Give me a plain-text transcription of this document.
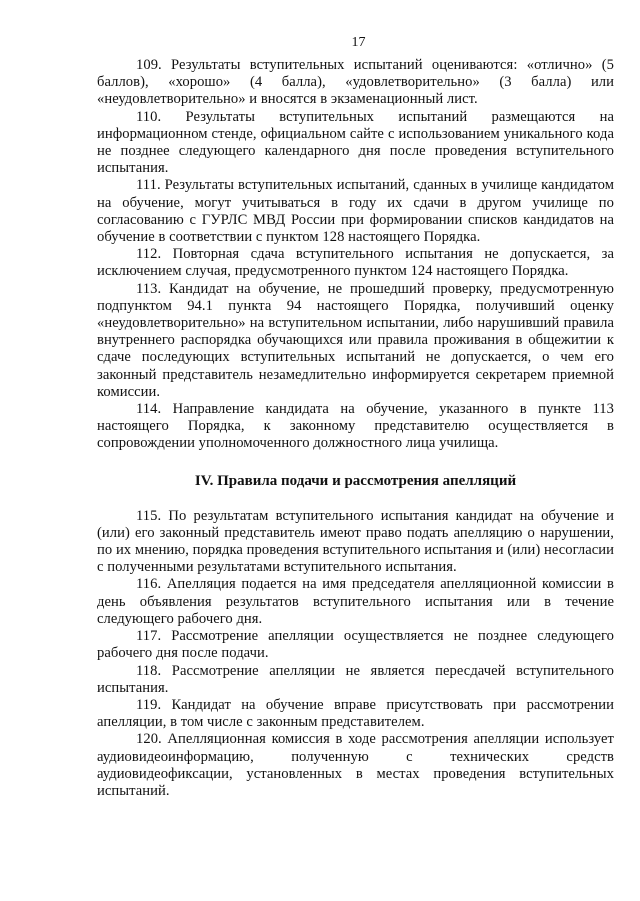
17

109. Результаты вступительных испытаний оцениваются: «отлично» (5 баллов), «хорошо» (4 балла), «удовлетворительно» (3 балла) или «неудовлетворительно» и вносятся в экзаменационный лист.

110. Результаты вступительных испытаний размещаются на информационном стенде, официальном сайте с использованием уникального кода не позднее следующего календарного дня после проведения вступительного испытания.

111. Результаты вступительных испытаний, сданных в училище кандидатом на обучение, могут учитываться в году их сдачи в другом училище по согласованию с ГУРЛС МВД России при формировании списков кандидатов на обучение в соответствии с пунктом 128 настоящего Порядка.

112. Повторная сдача вступительного испытания не допускается, за исключением случая, предусмотренного пунктом 124 настоящего Порядка.

113. Кандидат на обучение, не прошедший проверку, предусмотренную подпунктом 94.1 пункта 94 настоящего Порядка, получивший оценку «неудовлетворительно» на вступительном испытании, либо нарушивший правила внутреннего распорядка обучающихся или правила проживания в общежитии к сдаче последующих вступительных испытаний не допускается, о чем его законный представитель незамедлительно информируется секретарем приемной комиссии.

114. Направление кандидата на обучение, указанного в пункте 113 настоящего Порядка, к законному представителю осуществляется в сопровождении уполномоченного должностного лица училища.

IV. Правила подачи и рассмотрения апелляций

115. По результатам вступительного испытания кандидат на обучение и (или) его законный представитель имеют право подать апелляцию о нарушении, по их мнению, порядка проведения вступительного испытания и (или) несогласии с полученными результатами вступительного испытания.

116. Апелляция подается на имя председателя апелляционной комиссии в день объявления результатов вступительного испытания или в течение следующего рабочего дня.

117. Рассмотрение апелляции осуществляется не позднее следующего рабочего дня после подачи.

118. Рассмотрение апелляции не является пересдачей вступительного испытания.

119. Кандидат на обучение вправе присутствовать при рассмотрении апелляции, в том числе с законным представителем.

120. Апелляционная комиссия в ходе рассмотрения апелляции использует аудиовидеоинформацию, полученную с технических средств аудиовидеофиксации, установленных в местах проведения вступительных испытаний.
